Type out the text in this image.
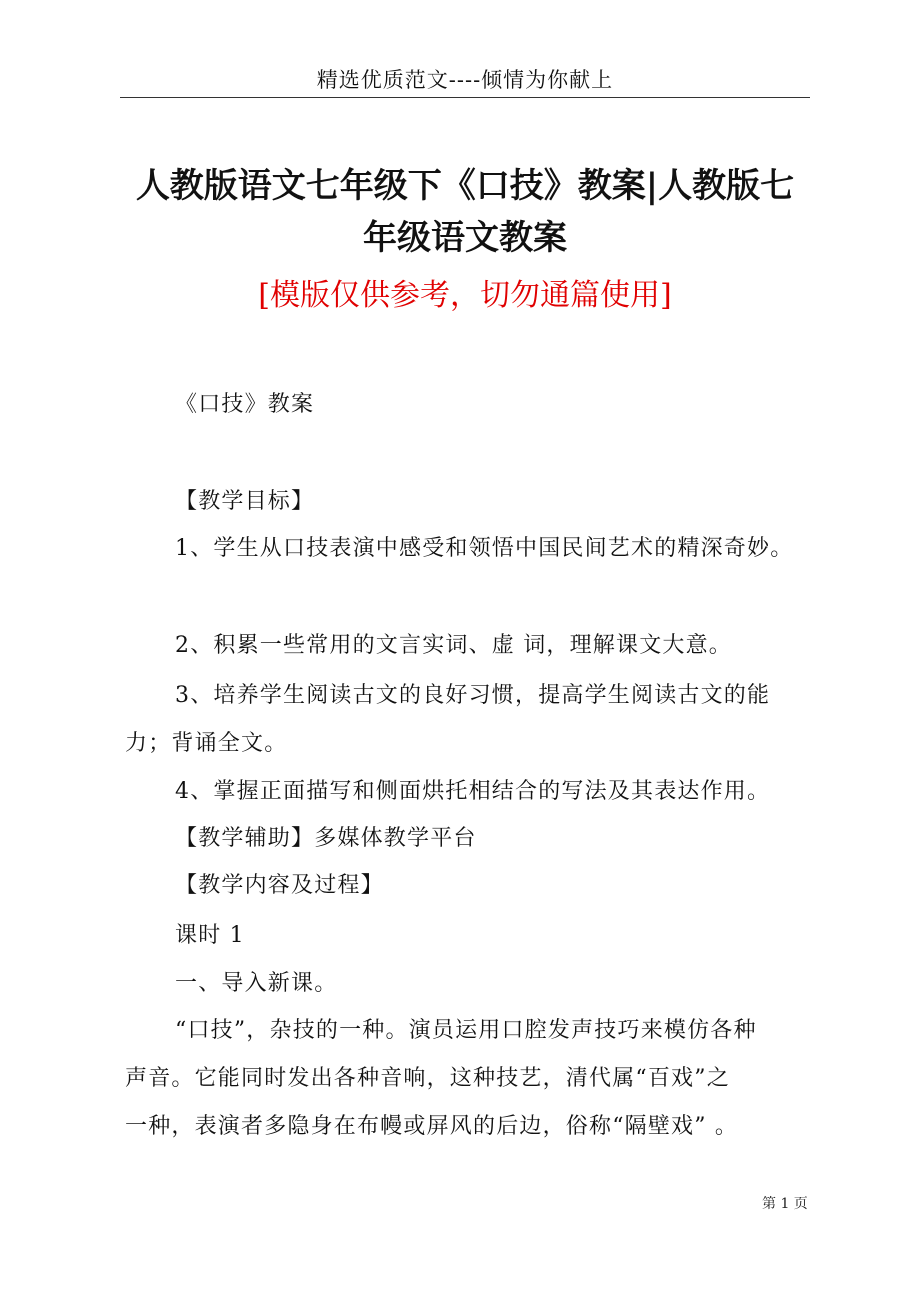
精选优质范文----倾情为你献上
人教版语文七年级下《口技》教案|人教版七
年级语文教案
[模版仅供参考，切勿通篇使用]
《口技》教案
【教学目标】
1、学生从口技表演中感受和领悟中国民间艺术的精深奇妙。
2、积累一些常用的文言实词、虚 词，理解课文大意。
3、培养学生阅读古文的良好习惯，提高学生阅读古文的能
力；背诵全文。
4、掌握正面描写和侧面烘托相结合的写法及其表达作用。
【教学辅助】多媒体教学平台
【教学内容及过程】
课时 1
一、导入新课。
“口技”，杂技的一种。演员运用口腔发声技巧来模仿各种
声音。它能同时发出各种音响，这种技艺，清代属“百戏”之
一种，表演者多隐身在布幔或屏风的后边，俗称“隔壁戏” 。
第 1 页
